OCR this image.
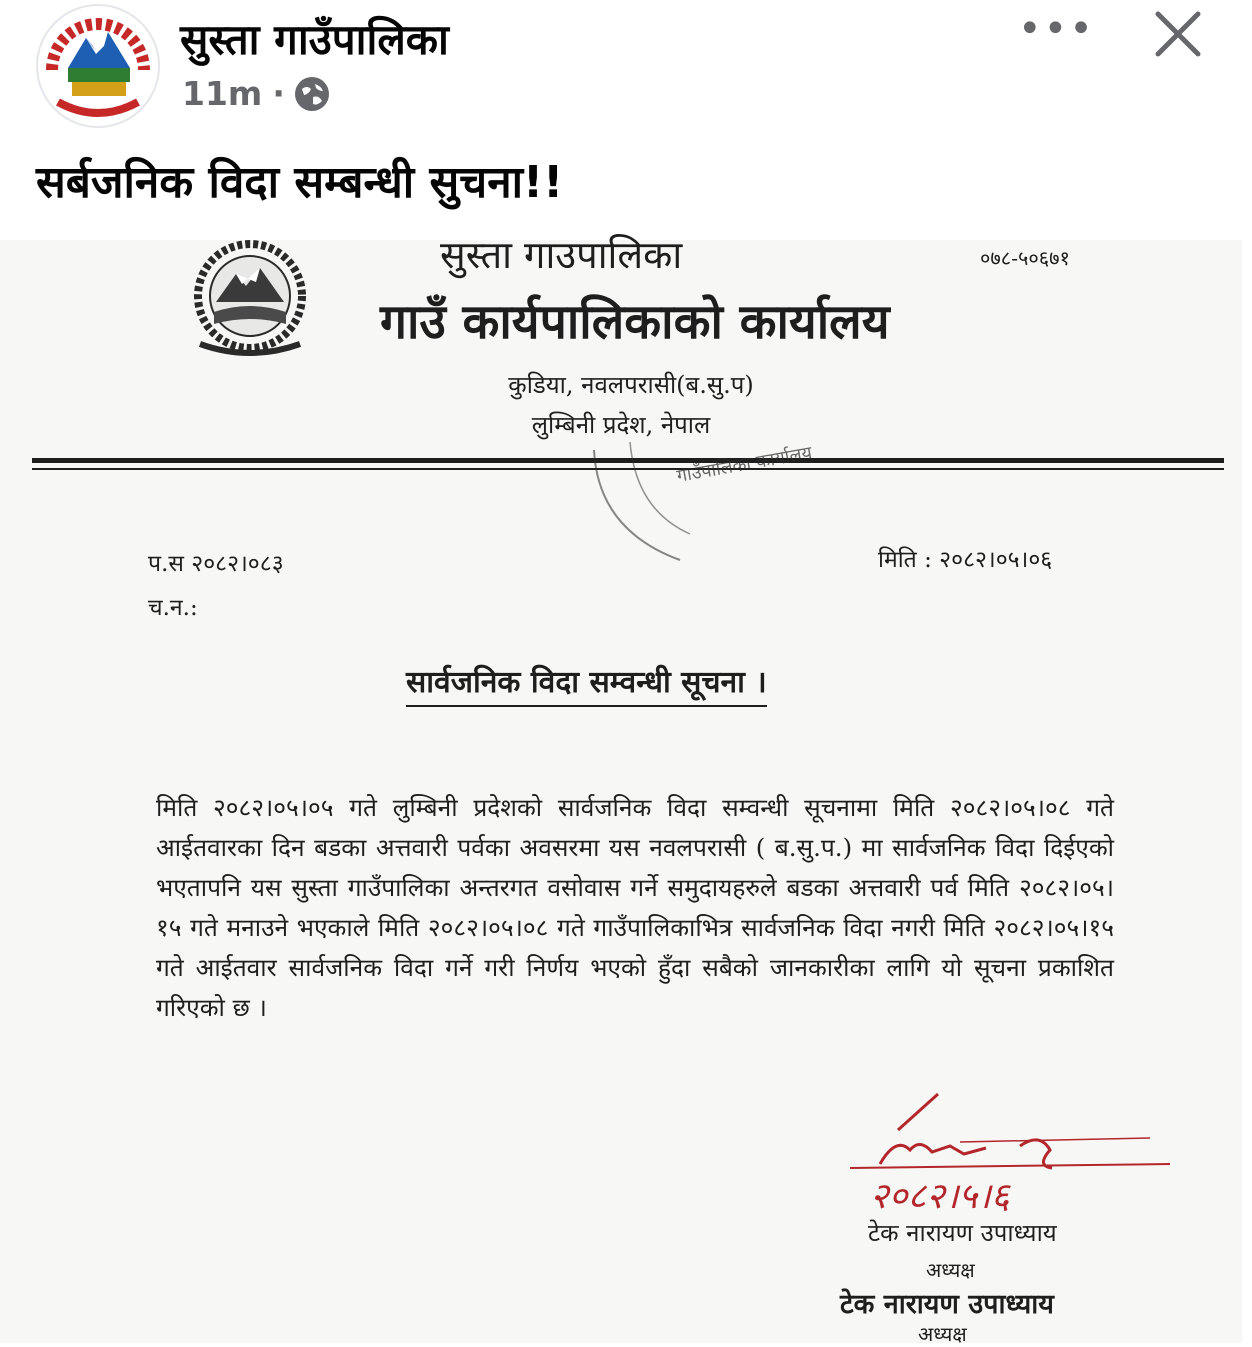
सुस्ता गाउँपालिका
11m ·
•••
सर्बजनिक विदा सम्बन्धी सुचना!!
सुस्ता गाउपालिका	०७८-५०६७१
गाउँ कार्यपालिकाको कार्यालय
कुडिया, नवलपरासी(ब.सु.प)
लुम्बिनी प्रदेश, नेपाल
गाउँपालिका कार्यालय
प.स २०८२।०८३
च.न.:
मिति : २०८२।०५।०६
सार्वजनिक विदा सम्वन्धी सूचना ।
मिति २०८२।०५।०५ गते लुम्बिनी प्रदेशको सार्वजनिक विदा सम्वन्धी सूचनामा मिति २०८२।०५।०८ गते आईतवारका दिन बडका अत्तवारी पर्वका अवसरमा यस नवलपरासी ( ब.सु.प.) मा सार्वजनिक विदा दिईएको भएतापनि यस सुस्ता गाउँपालिका अन्तरगत वसोवास गर्ने समुदायहरुले बडका अत्तवारी पर्व मिति २०८२।०५।१५ गते मनाउने भएकाले मिति २०८२।०५।०८ गते गाउँपालिकाभित्र सार्वजनिक विदा नगरी मिति २०८२।०५।१५ गते आईतवार सार्वजनिक विदा गर्ने गरी निर्णय भएको हुँदा सबैको जानकारीका लागि यो सूचना प्रकाशित गरिएको छ ।
२०८२।५।६
टेक नारायण उपाध्याय
अध्यक्ष
टेक नारायण उपाध्याय
अध्यक्ष
